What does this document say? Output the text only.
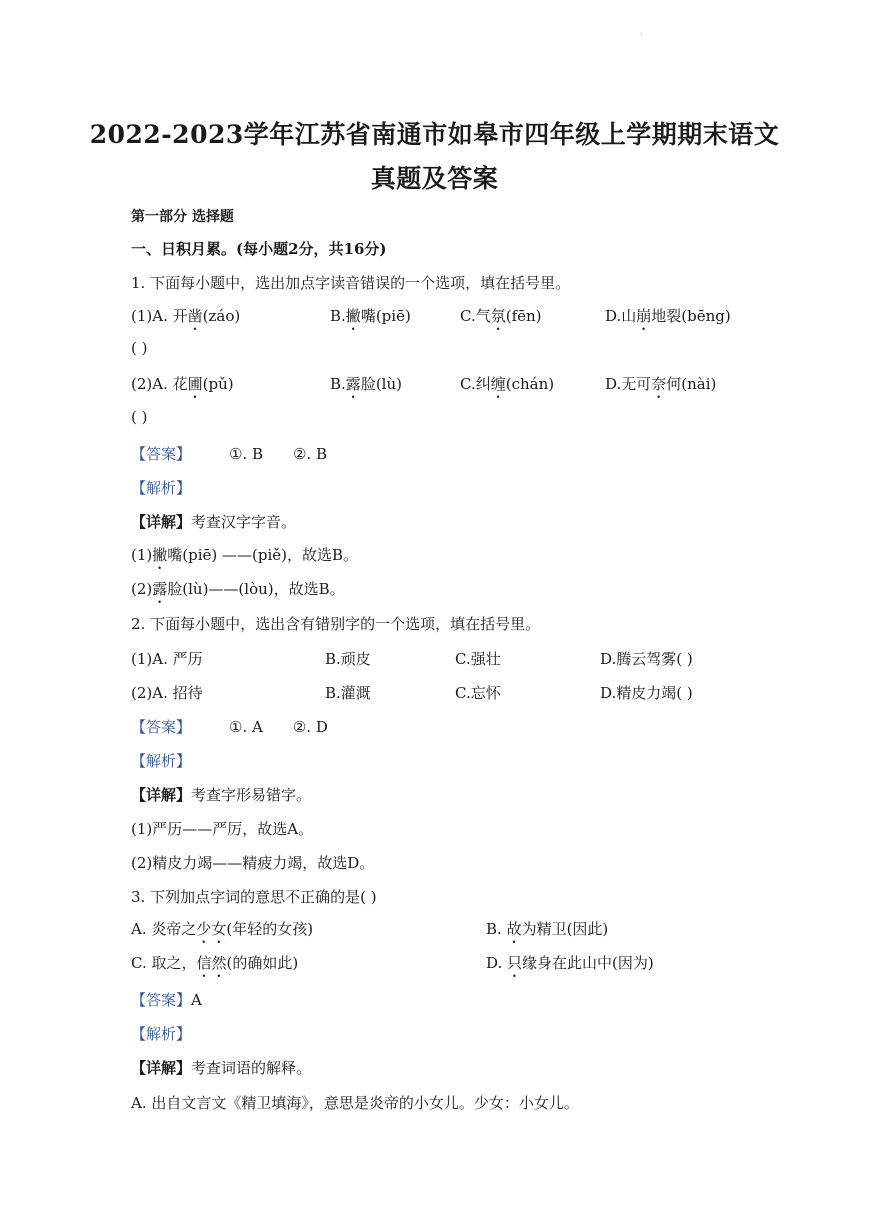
·
2022-2023学年江苏省南通市如皋市四年级上学期期末语文
真题及答案
第一部分 选择题
一、日积月累。(每小题2分，共16分)
1. 下面每小题中，选出加点字读音错误的一个选项，填在括号里。
(1)A. 开凿(záo)	B.撇嘴(piē)	C.气氛(fēn)	D.山崩地裂(bēng)
( )
(2)A. 花圃(pǔ)	B.露脸(lù)	C.纠缠(chán)	D.无可奈何(nài)
( )
【答案】	①. B ②. B
【解析】
【详解】考查汉字字音。
(1)撇嘴(piē) ——(piě)，故选B。
(2)露脸(lù)——(lòu)，故选B。
2. 下面每小题中，选出含有错别字的一个选项，填在括号里。
(1)A. 严历	B.顽皮	C.强壮	D.腾云驾雾( )
(2)A. 招待	B.灌溉	C.忘怀	D.精皮力竭( )
【答案】	①. A ②. D
【解析】
【详解】考查字形易错字。
(1)严历——严厉，故选A。
(2)精皮力竭——精疲力竭，故选D。
3. 下列加点字词的意思不正确的是( )
A. 炎帝之少女(年轻的女孩)	B. 故为精卫(因此)
C. 取之，信然(的确如此)	D. 只缘身在此山中(因为)
【答案】A
【解析】
【详解】考查词语的解释。
A. 出自文言文《精卫填海》，意思是炎帝的小女儿。少女：小女儿。
